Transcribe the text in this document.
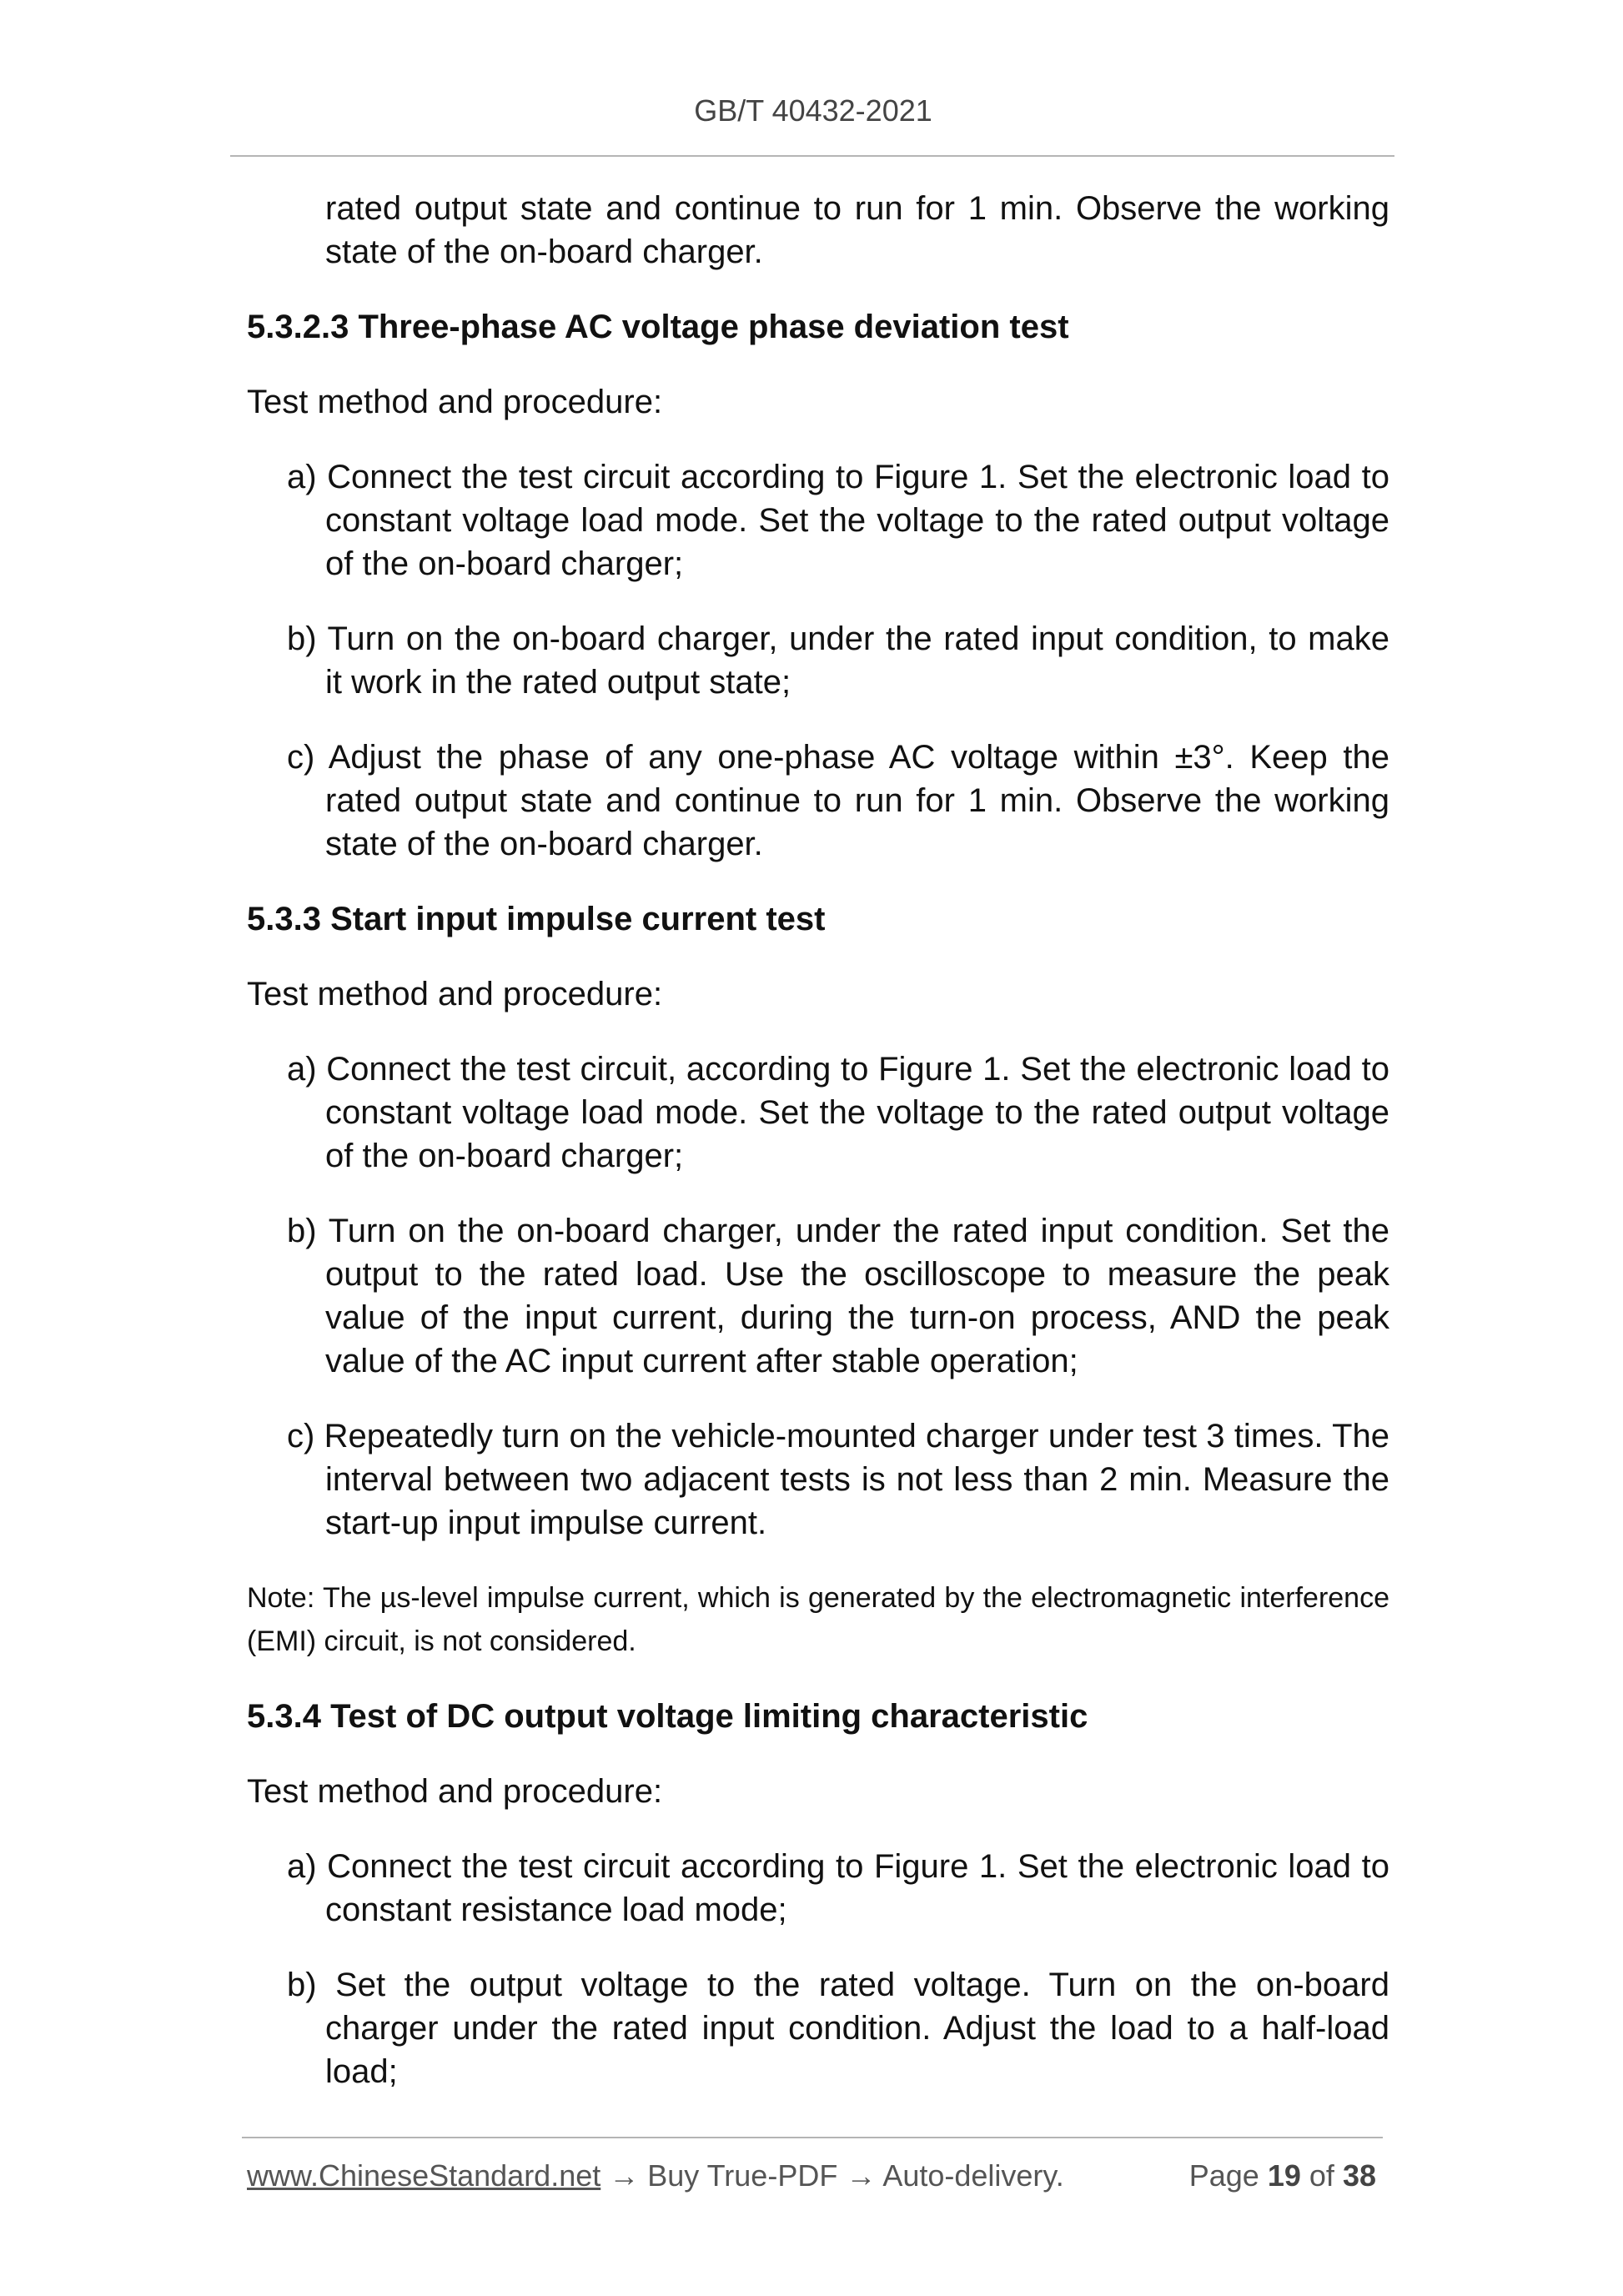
GB/T 40432-2021

rated output state and continue to run for 1 min. Observe the working state of the on-board charger.

5.3.2.3 Three-phase AC voltage phase deviation test

Test method and procedure:

a) Connect the test circuit according to Figure 1. Set the electronic load to constant voltage load mode. Set the voltage to the rated output voltage of the on-board charger;

b) Turn on the on-board charger, under the rated input condition, to make it work in the rated output state;

c) Adjust the phase of any one-phase AC voltage within ±3°. Keep the rated output state and continue to run for 1 min. Observe the working state of the on-board charger.

5.3.3 Start input impulse current test

Test method and procedure:

a) Connect the test circuit, according to Figure 1. Set the electronic load to constant voltage load mode. Set the voltage to the rated output voltage of the on-board charger;

b) Turn on the on-board charger, under the rated input condition. Set the output to the rated load. Use the oscilloscope to measure the peak value of the input current, during the turn-on process, AND the peak value of the AC input current after stable operation;

c) Repeatedly turn on the vehicle-mounted charger under test 3 times. The interval between two adjacent tests is not less than 2 min. Measure the start-up input impulse current.

Note: The µs-level impulse current, which is generated by the electromagnetic interference (EMI) circuit, is not considered.

5.3.4 Test of DC output voltage limiting characteristic

Test method and procedure:

a) Connect the test circuit according to Figure 1. Set the electronic load to constant resistance load mode;

b) Set the output voltage to the rated voltage. Turn on the on-board charger under the rated input condition. Adjust the load to a half-load load;

www.ChineseStandard.net → Buy True-PDF → Auto-delivery.	Page 19 of 38
